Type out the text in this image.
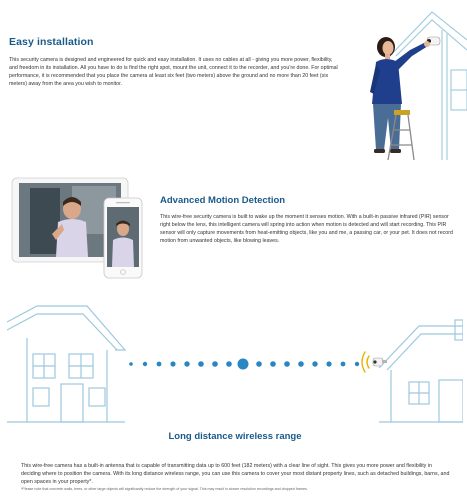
Easy installation

This security camera is designed and engineered for quick and easy installation. It uses no cables at all - giving you more power, flexibility, and freedom in its installation. All you have to do is find the right spot, mount the unit, connect it to the recorder, and you're done. For optimal performance, it is recommended that you place the camera at least six feet (two meters) above the ground and no more than 20 feet (six meters) away from the area you wish to monitor.

Advanced Motion Detection

This wire-free security camera is built to wake up the moment it senses motion. With a built-in passive infrared (PIR) sensor right below the lens, this intelligent camera will spring into action when motion is detected and will start recording. This PIR sensor will only capture movements from heat-emitting objects, like you and me, a passing car, or your pet. It does not record motion from unwanted objects, like blowing leaves.

Long distance wireless range

This wire-free camera has a built-in antenna that is capable of transmitting data up to 600 feet (182 meters) with a clear line of sight. This gives you more power and flexibility in deciding where to position the camera. With its long distance wireless range, you can use this camera to cover your most distant property lines, such as detached buildings, barns, and open spaces in your property*.

*Please note that concrete walls, trees, or other large objects will significantly reduce the strength of your signal. This may result in slower resolution recordings and dropped frames.
